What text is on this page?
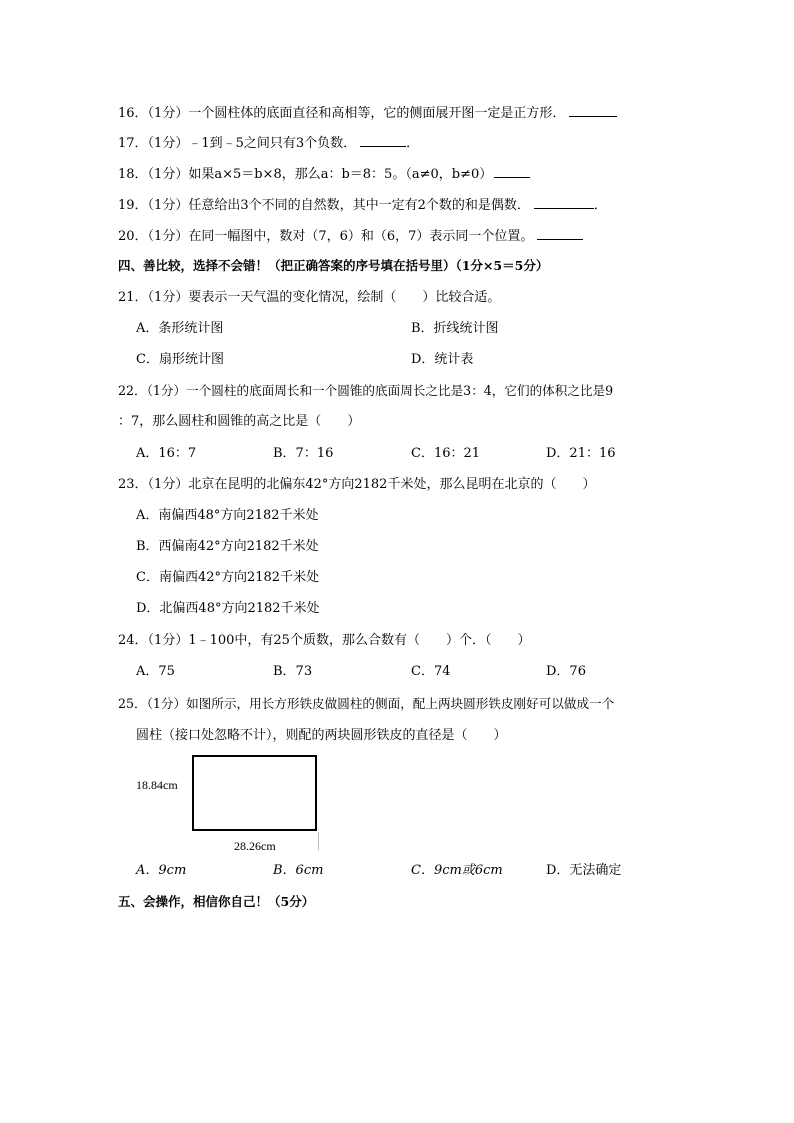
16．（1分）一个圆柱体的底面直径和高相等，它的侧面展开图一定是正方形．
17．（1分）﹣1到﹣5之间只有3个负数．	．
18．（1分）如果a×5＝b×8，那么a：b＝8：5。（a≠0，b≠0）
19．（1分）任意给出3个不同的自然数，其中一定有2个数的和是偶数．	．
20．（1分）在同一幅图中，数对（7，6）和（6，7）表示同一个位置。
四、善比较，选择不会错！（把正确答案的序号填在括号里）（1分×5＝5分）
21．（1分）要表示一天气温的变化情况，绘制（　　）比较合适。
A．条形统计图	B．折线统计图
C．扇形统计图	D．统计表
22．（1分）一个圆柱的底面周长和一个圆锥的底面周长之比是3：4，它们的体积之比是9
：7，那么圆柱和圆锥的高之比是（　　）
A．16：7	B．7：16	C．16：21	D．21：16
23．（1分）北京在昆明的北偏东42°方向2182千米处，那么昆明在北京的（　　）
A．南偏西48°方向2182千米处
B．西偏南42°方向2182千米处
C．南偏西42°方向2182千米处
D．北偏西48°方向2182千米处
24．（1分）1﹣100中，有25个质数，那么合数有（　　）个．（　　）
A．75	B．73	C．74	D．76
25．（1分）如图所示，用长方形铁皮做圆柱的侧面，配上两块圆形铁皮刚好可以做成一个
圆柱（接口处忽略不计），则配的两块圆形铁皮的直径是（　　）
18.84cm
28.26cm
A．9cm	B．6cm	C．9cm或6cm	D．无法确定
五、会操作，相信你自己！（5分）
